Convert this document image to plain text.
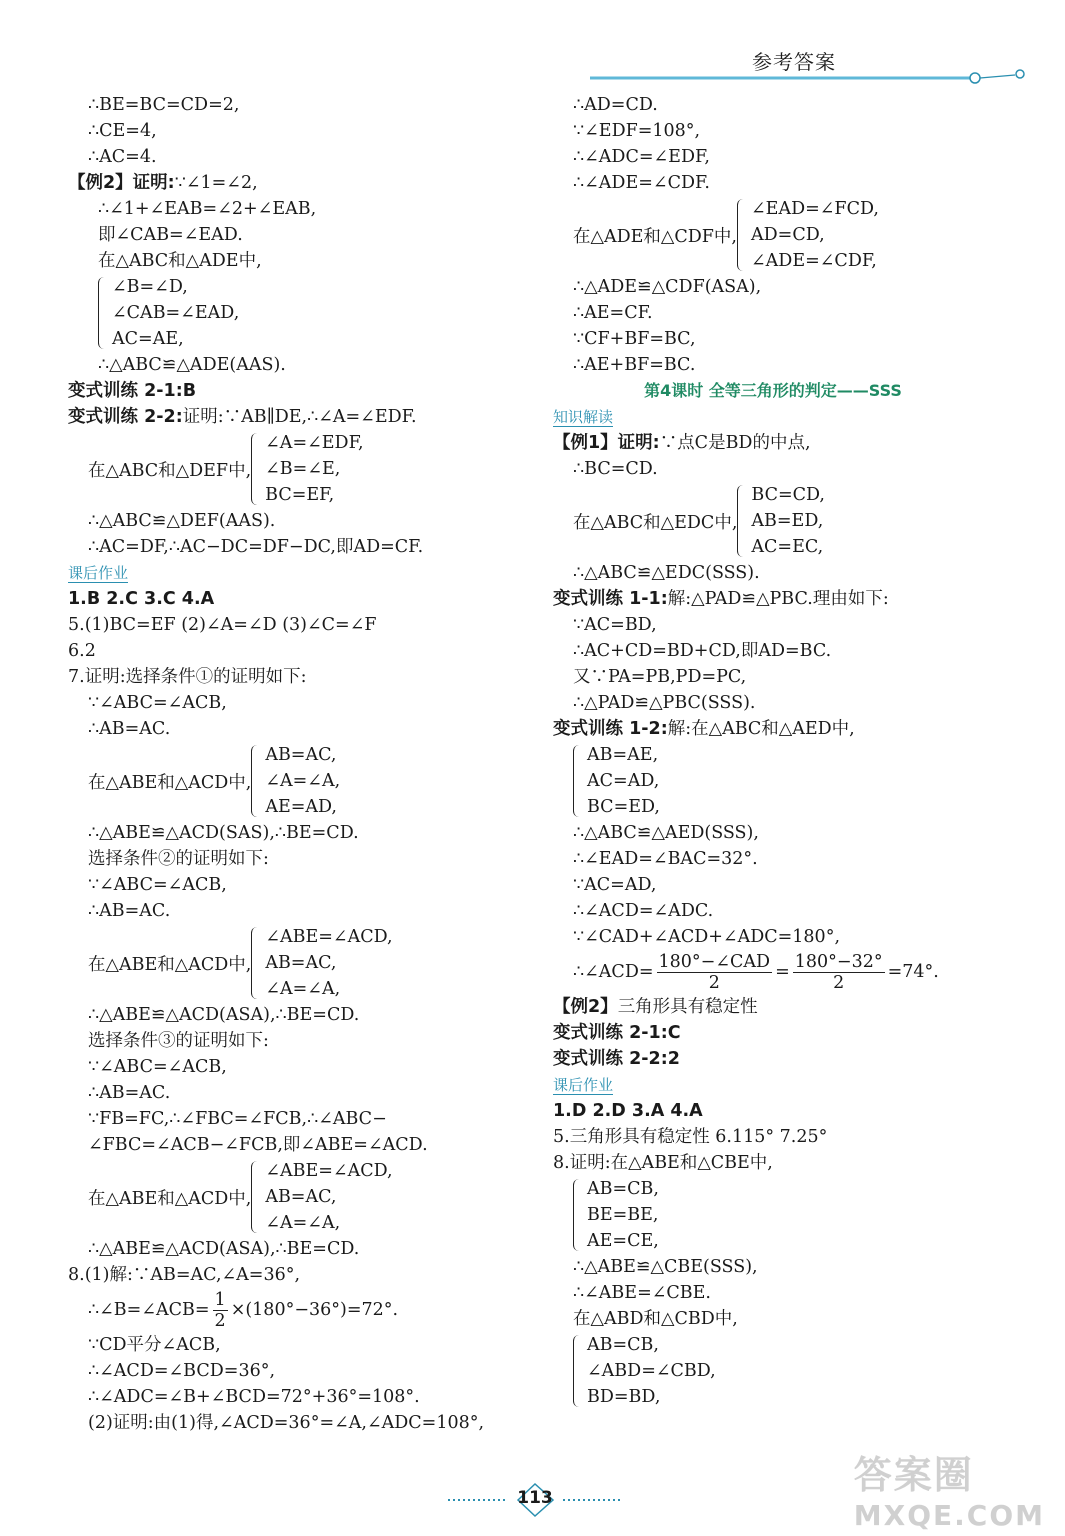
参考答案
∴BE=BC=CD=2,
∴CE=4,
∴AC=4.
【例2】证明:∵∠1=∠2,
∴∠1+∠EAB=∠2+∠EAB,
即∠CAB=∠EAD.
在△ABC和△ADE中,
∠B=∠D,
∠CAB=∠EAD,
AC=AE,
∴△ABC≌△ADE(AAS).
变式训练 2-1:B
变式训练 2-2:证明:∵AB∥DE,∴∠A=∠EDF.
在△ABC和△DEF中,
∠A=∠EDF,
∠B=∠E,
BC=EF,
∴△ABC≌△DEF(AAS).
∴AC=DF,∴AC−DC=DF−DC,即AD=CF.
课后作业
1.B 2.C 3.C 4.A
5.(1)BC=EF (2)∠A=∠D (3)∠C=∠F
6.2
7.证明:选择条件①的证明如下:
∵∠ABC=∠ACB,
∴AB=AC.
在△ABE和△ACD中,
AB=AC,
∠A=∠A,
AE=AD,
∴△ABE≌△ACD(SAS),∴BE=CD.
选择条件②的证明如下:
∵∠ABC=∠ACB,
∴AB=AC.
在△ABE和△ACD中,
∠ABE=∠ACD,
AB=AC,
∠A=∠A,
∴△ABE≌△ACD(ASA),∴BE=CD.
选择条件③的证明如下:
∵∠ABC=∠ACB,
∴AB=AC.
∵FB=FC,∴∠FBC=∠FCB,∴∠ABC−
∠FBC=∠ACB−∠FCB,即∠ABE=∠ACD.
在△ABE和△ACD中,
∠ABE=∠ACD,
AB=AC,
∠A=∠A,
∴△ABE≌△ACD(ASA),∴BE=CD.
8.(1)解:∵AB=AC,∠A=36°,
∴∠B=∠ACB= $\frac{1}{2} \times(180^\circ-36^\circ)=72^\circ$.
∵CD平分∠ACB,
∴∠ACD=∠BCD=36°,
∴∠ADC=∠B+∠BCD=72°+36°=108°.
(2)证明:由(1)得,∠ACD=36°=∠A,∠ADC=108°,
∴AD=CD.
∵∠EDF=108°,
∴∠ADC=∠EDF,
∴∠ADE=∠CDF.
在△ADE和△CDF中,
∠EAD=∠FCD,
AD=CD,
∠ADE=∠CDF,
∴△ADE≌△CDF(ASA),
∴AE=CF.
∵CF+BF=BC,
∴AE+BF=BC.
第4课时 全等三角形的判定——SSS
知识解读
【例1】证明:∵点C是BD的中点,
∴BC=CD.
在△ABC和△EDC中,
BC=CD,
AB=ED,
AC=EC,
∴△ABC≌△EDC(SSS).
变式训练 1-1:解:△PAD≌△PBC.理由如下:
∵AC=BD,
∴AC+CD=BD+CD,即AD=BC.
又∵PA=PB,PD=PC,
∴△PAD≌△PBC(SSS).
变式训练 1-2:解:在△ABC和△AED中,
AB=AE,
AC=AD,
BC=ED,
∴△ABC≌△AED(SSS),
∴∠EAD=∠BAC=32°.
∵AC=AD,
∴∠ACD=∠ADC.
∵∠CAD+∠ACD+∠ADC=180°,
∴∠ACD= $\frac{\text{180°−∠CAD}}{2} = \frac{180^\circ-32^\circ}{2} =74^\circ$.
【例2】三角形具有稳定性
变式训练 2-1:C
变式训练 2-2:2
课后作业
1.D 2.D 3.A 4.A
5.三角形具有稳定性 6.115° 7.25°
8.证明:在△ABE和△CBE中,
AB=CB,
BE=BE,
AE=CE,
∴△ABE≌△CBE(SSS),
∴∠ABE=∠CBE.
在△ABD和△CBD中,
AB=CB,
∠ABD=∠CBD,
BD=BD,
113
答案圈
MXQE.COM
